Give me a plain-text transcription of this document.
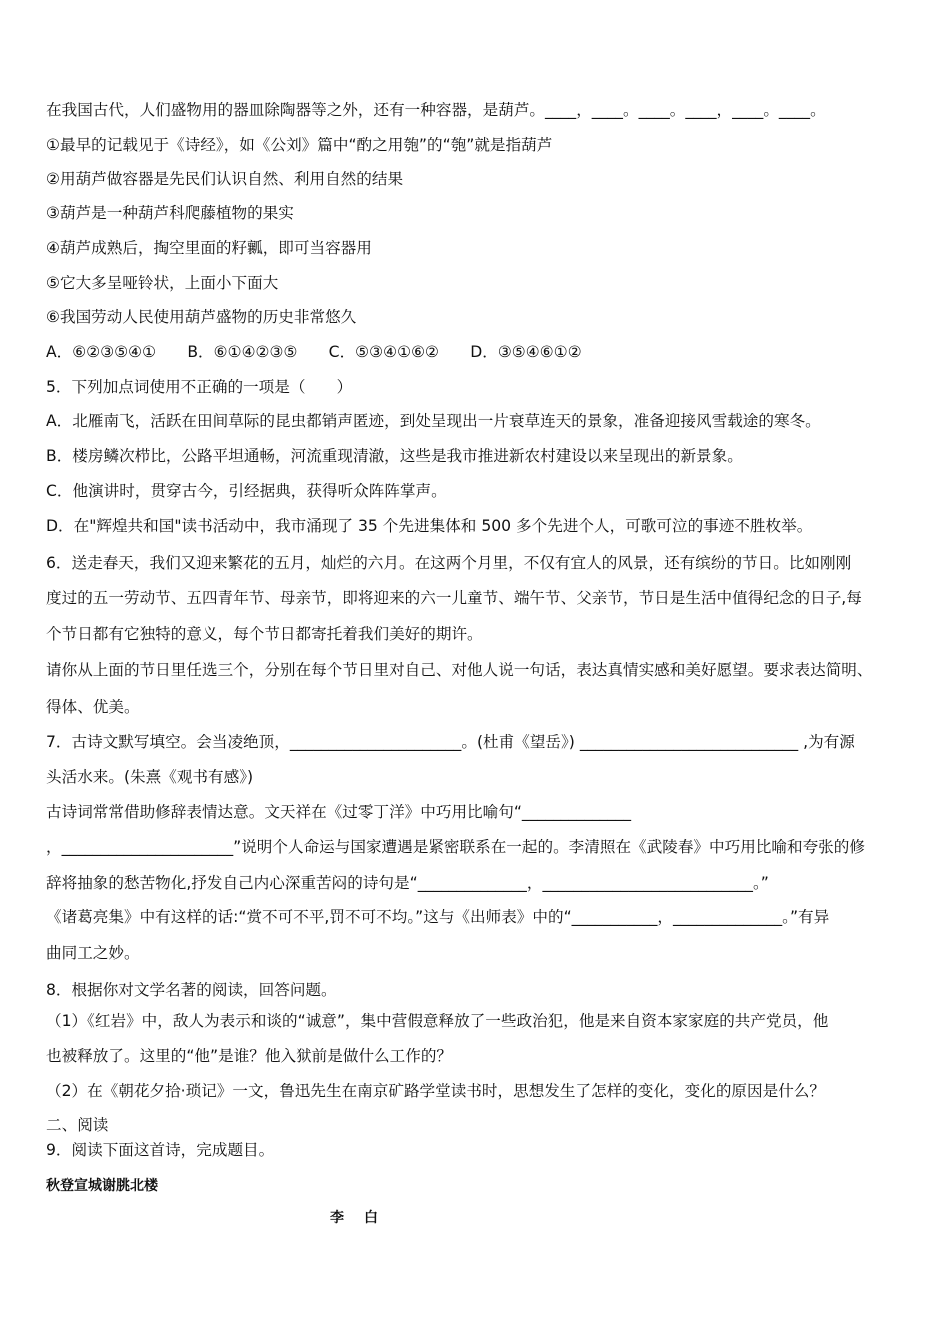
在我国古代，人们盛物用的器皿除陶器等之外，还有一种容器，是葫芦。____，____。____。____，____。____。
①最早的记载见于《诗经》，如《公刘》篇中“酌之用匏”的“匏”就是指葫芦
②用葫芦做容器是先民们认识自然、利用自然的结果
③葫芦是一种葫芦科爬藤植物的果实
④葫芦成熟后，掏空里面的籽瓤，即可当容器用
⑤它大多呈哑铃状，上面小下面大
⑥我国劳动人民使用葫芦盛物的历史非常悠久
A．⑥②③⑤④①　　B．⑥①④②③⑤　　C．⑤③④①⑥②　　D．③⑤④⑥①②
5．下列加点词使用不正确的一项是（　　）
A．北雁南飞，活跃在田间草际的昆虫都销声匿迹，到处呈现出一片衰草连天的景象，准备迎接风雪载途的寒冬。
B．楼房鳞次栉比，公路平坦通畅，河流重现清澈，这些是我市推进新农村建设以来呈现出的新景象。
C．他演讲时，贯穿古今，引经据典，获得听众阵阵掌声。
D．在"辉煌共和国"读书活动中，我市涌现了 35 个先进集体和 500 多个先进个人，可歌可泣的事迹不胜枚举。
6．送走春天，我们又迎来繁花的五月，灿烂的六月。在这两个月里，不仅有宜人的风景，还有缤纷的节日。比如刚刚
度过的五一劳动节、五四青年节、母亲节，即将迎来的六一儿童节、端午节、父亲节，节日是生活中值得纪念的日子,每
个节日都有它独特的意义，每个节日都寄托着我们美好的期许。
请你从上面的节日里任选三个，分别在每个节日里对自己、对他人说一句话，表达真情实感和美好愿望。要求表达简明、
得体、优美。
7．古诗文默写填空。会当凌绝顶，______________________。(杜甫《望岳》) ____________________________ ,为有源
头活水来。(朱熹《观书有感》)
古诗词常常借助修辞表情达意。文天祥在《过零丁洋》中巧用比喻句“______________
，______________________”说明个人命运与国家遭遇是紧密联系在一起的。李清照在《武陵春》中巧用比喻和夸张的修
辞将抽象的愁苦物化,抒发自己内心深重苦闷的诗句是“______________，___________________________。”
《诸葛亮集》中有这样的话:“赏不可不平,罚不可不均。”这与《出师表》中的“___________，______________。”有异
曲同工之妙。
8．根据你对文学名著的阅读，回答问题。
（1）《红岩》中，敌人为表示和谈的“诚意”，集中营假意释放了一些政治犯，他是来自资本家家庭的共产党员，他
也被释放了。这里的“他”是谁？他入狱前是做什么工作的？
（2）在《朝花夕拾·琐记》一文，鲁迅先生在南京矿路学堂读书时，思想发生了怎样的变化，变化的原因是什么？
二、阅读
9．阅读下面这首诗，完成题目。
秋登宣城谢朓北楼
李白
